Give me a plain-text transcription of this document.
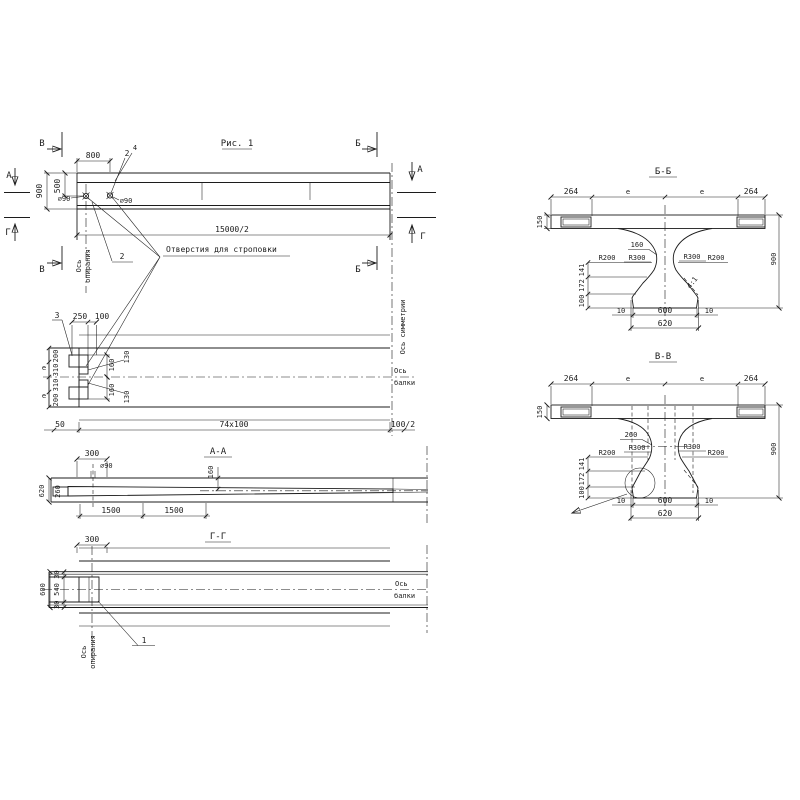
Рис. 1
В	Б
В	Б
А
Г
А
Г
800
500
900
15000/2
∅90	∅90
2
4
2
Ось опирания	Отверстия для строповки
200
310
310
200
е
е
250 100
3
160
160
130
130
50	74x100	100/2
Ось симметрии
Ось
балки
А-А
300
∅90
620 260
160
1500	1500
Г-Г
300
600
30
540
30
1
Ось опирания
Ось
балки
Б-Б
264	е	е	264
150
160
R300	R300
R200	R200
4:1
141
172
100
900
10	600	10
620
В-В
264	е	е	264
150
260
R300	R300
R200	R200
141
172
100
900
10	600	10
620
